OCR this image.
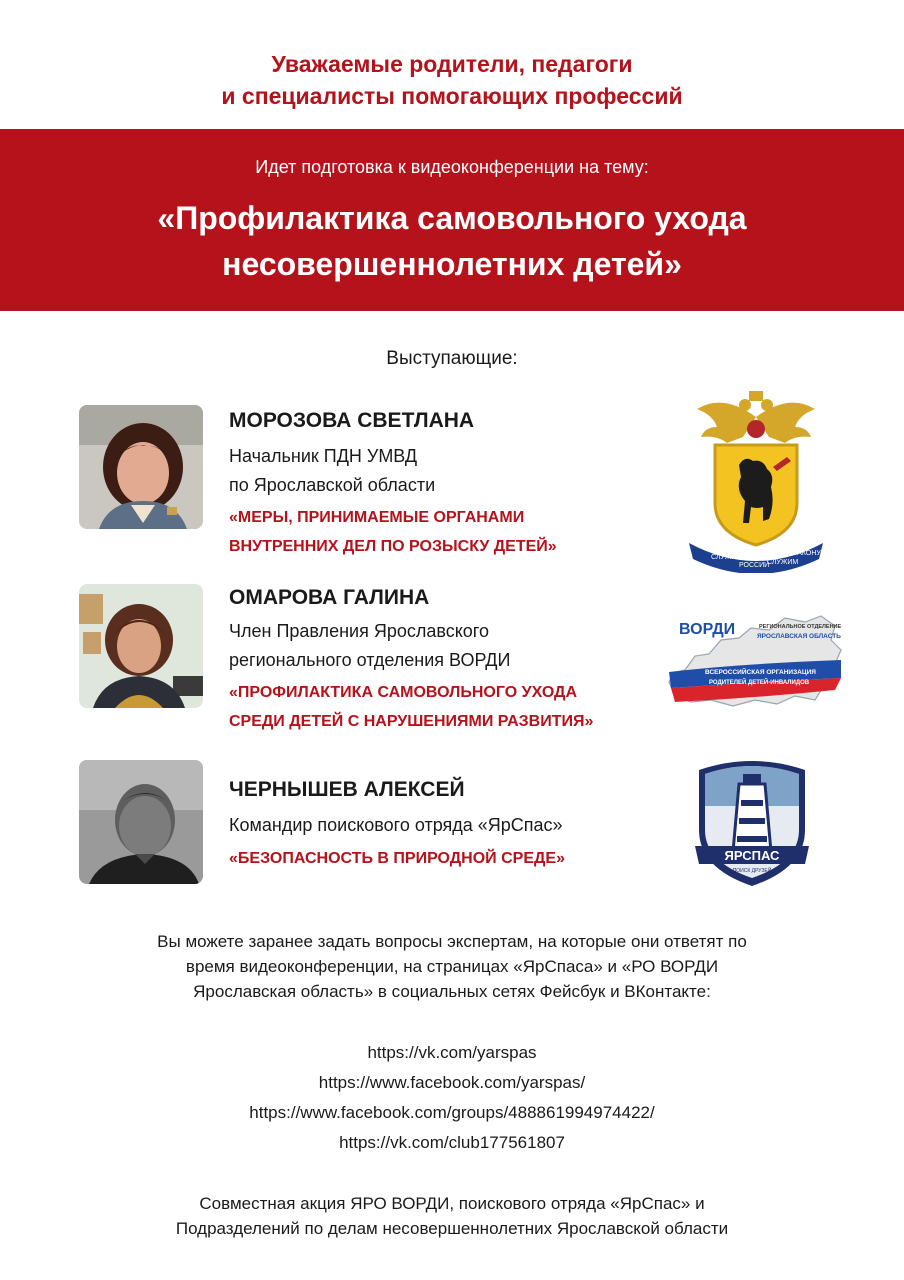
Уважаемые родители, педагоги
и специалисты помогающих профессий
Идет подготовка к видеоконференции на тему:
«Профилактика самовольного ухода
несовершеннолетних детей»
Выступающие:
МОРОЗОВА СВЕТЛАНА
Начальник ПДН УМВД
по Ярославской области
«МЕРЫ, ПРИНИМАЕМЫЕ ОРГАНАМИ
ВНУТРЕННИХ ДЕЛ ПО РОЗЫСКУ ДЕТЕЙ»
СЛУЖИМ
РОССИИ
СЛУЖИМ
ЗАКОНУ
ОМАРОВА ГАЛИНА
Член Правления Ярославского
регионального отделения ВОРДИ
«ПРОФИЛАКТИКА САМОВОЛЬНОГО УХОДА
СРЕДИ ДЕТЕЙ С НАРУШЕНИЯМИ РАЗВИТИЯ»
ВОРДИ	РЕГИОНАЛЬНОЕ ОТДЕЛЕНИЕ
ЯРОСЛАВСКАЯ ОБЛАСТЬ
ВСЕРОССИЙСКАЯ ОРГАНИЗАЦИЯ
РОДИТЕЛЕЙ ДЕТЕЙ-ИНВАЛИДОВ
ЧЕРНЫШЕВ АЛЕКСЕЙ
Командир поискового отряда «ЯрСпас»
«БЕЗОПАСНОСТЬ В ПРИРОДНОЙ СРЕДЕ»	ЯРСПАС
ПОИСК ДРУЗЕЙ
Вы можете заранее задать вопросы экспертам, на которые они ответят по
время видеоконференции, на страницах «ЯрСпаса» и «РО ВОРДИ
Ярославская область» в социальных сетях Фейсбук и ВКонтакте:
https://vk.com/yarspas
https://www.facebook.com/yarspas/
https://www.facebook.com/groups/488861994974422/
https://vk.com/club177561807
Совместная акция ЯРО ВОРДИ, поискового отряда «ЯрСпас» и
Подразделений по делам несовершеннолетних Ярославской области
